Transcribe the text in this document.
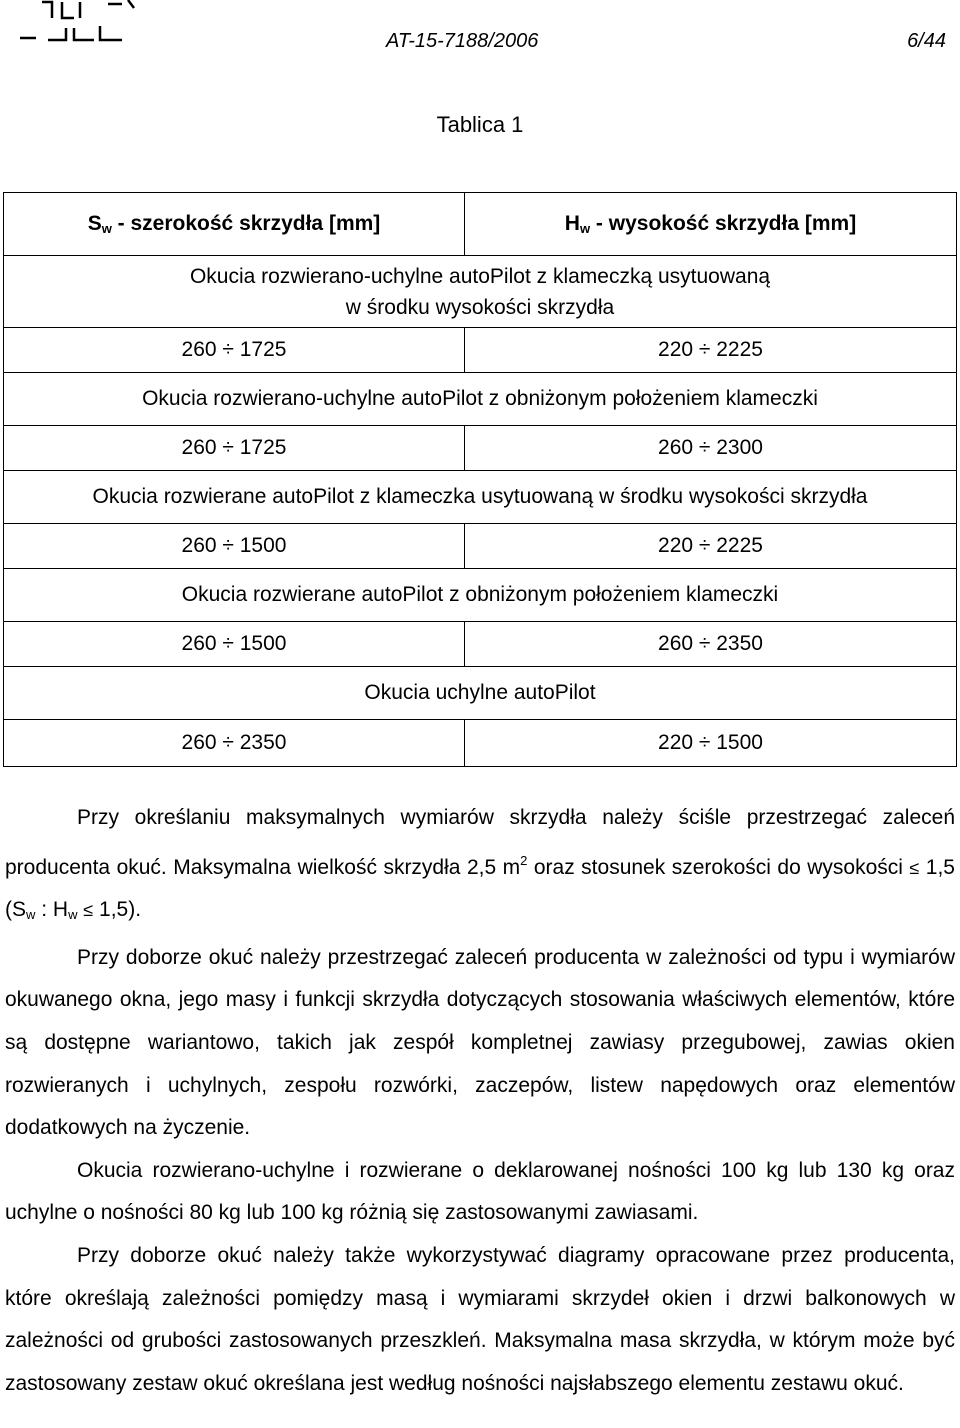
AT-15-7188/2006	6/44
Tablica 1
$S_w$ - szerokość skrzydła [mm]	$H_w$ - wysokość skrzydła [mm]

Okucia rozwierano-uchylne autoPilot z klameczką usytuowaną
w środku wysokości skrzydła	

260 ÷ 1725	220 ÷ 2225
Okucia rozwierano-uchylne autoPilot z obniżonym położeniem klameczki	
260 ÷ 1725	260 ÷ 2300
Okucia rozwierane autoPilot z klameczka usytuowaną w środku wysokości skrzydła	
260 ÷ 1500	220 ÷ 2225
Okucia rozwierane autoPilot z obniżonym położeniem klameczki	
260 ÷ 1500	260 ÷ 2350
Okucia uchylne autoPilot	
260 ÷ 2350	220 ÷ 1500

Przy określaniu maksymalnych wymiarów skrzydła należy ściśle przestrzegać zaleceń producenta okuć. Maksymalna wielkość skrzydła 2,5 $m^2$ oraz stosunek szerokości do wysokości ≤ 1,5 ($S_w$ : $H_w \le 1,5$).

Przy doborze okuć należy przestrzegać zaleceń producenta w zależności od typu i wymiarów okuwanego okna, jego masy i funkcji skrzydła dotyczących stosowania właściwych elementów, które są dostępne wariantowo, takich jak zespół kompletnej zawiasy przegubowej, zawias okien rozwieranych i uchylnych, zespołu rozwórki, zaczepów, listew napędowych oraz elementów dodatkowych na życzenie.

Okucia rozwierano-uchylne i rozwierane o deklarowanej nośności 100 kg lub 130 kg oraz uchylne o nośności 80 kg lub 100 kg różnią się zastosowanymi zawiasami.

Przy doborze okuć należy także wykorzystywać diagramy opracowane przez producenta, które określają zależności pomiędzy masą i wymiarami skrzydeł okien i drzwi balkonowych w zależności od grubości zastosowanych przeszkleń. Maksymalna masa skrzydła, w którym może być zastosowany zestaw okuć określana jest według nośności najsłabszego elementu zestawu okuć.
